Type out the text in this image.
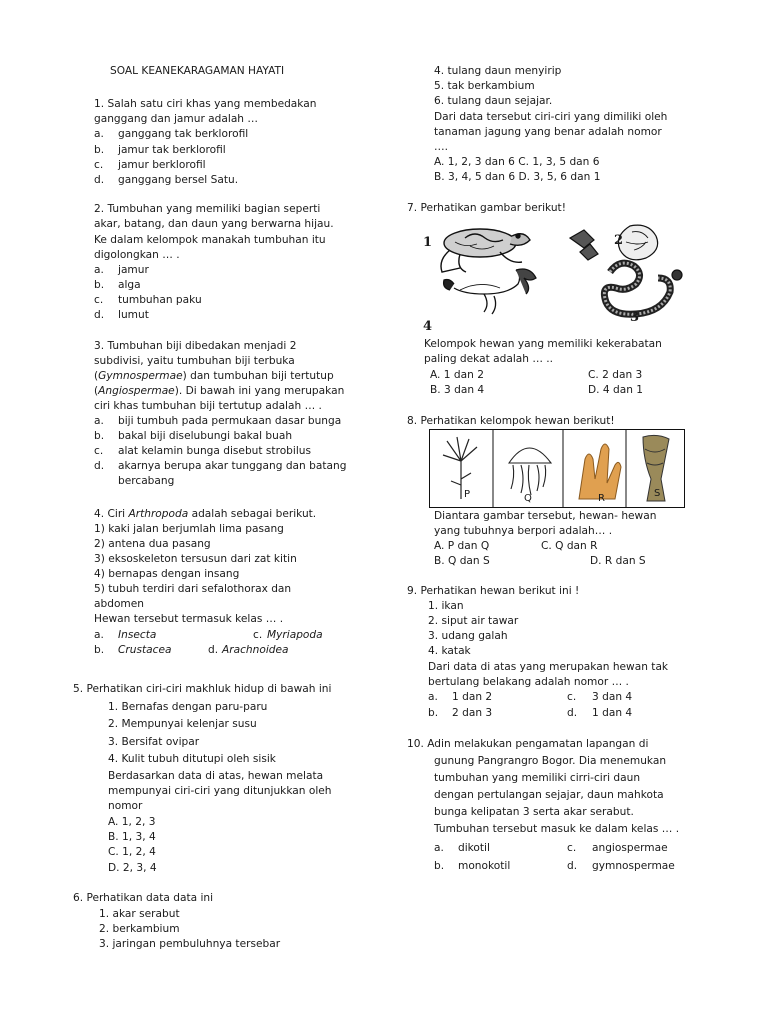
SOAL KEANEKARAGAMAN HAYATI
1. Salah satu ciri khas yang membedakan
ganggang dan jamur adalah …
a. ganggang tak berklorofil
b. jamur tak berklorofil
c. jamur berklorofil
d. ganggang bersel Satu.
2. Tumbuhan yang memiliki bagian seperti
akar, batang, dan daun yang berwarna hijau.
Ke dalam kelompok manakah tumbuhan itu
digolongkan … .
a. jamur
b. alga
c. tumbuhan paku
d. lumut
3. Tumbuhan biji dibedakan menjadi 2
subdivisi, yaitu tumbuhan biji terbuka
(Gymnospermae) dan tumbuhan biji tertutup
(Angiospermae). Di bawah ini yang merupakan
ciri khas tumbuhan biji tertutup adalah … .
a. biji tumbuh pada permukaan dasar bunga
b. bakal biji diselubungi bakal buah
c. alat kelamin bunga disebut strobilus
d. akarnya berupa akar tunggang dan batang
bercabang
4. Ciri Arthropoda adalah sebagai berikut.
1) kaki jalan berjumlah lima pasang
2) antena dua pasang
3) eksoskeleton tersusun dari zat kitin
4) bernapas dengan insang
5) tubuh terdiri dari sefalothorax dan
abdomen
Hewan tersebut termasuk kelas … .
a. Insecta	c. Myriapoda
b. Crustacea	d. Arachnoidea
5. Perhatikan ciri-ciri makhluk hidup di bawah ini
1. Bernafas dengan paru-paru
2. Mempunyai kelenjar susu
3. Bersifat ovipar
4. Kulit tubuh ditutupi oleh sisik
Berdasarkan data di atas, hewan melata
mempunyai ciri-ciri yang ditunjukkan oleh
nomor
A. 1, 2, 3
B. 1, 3, 4
C. 1, 2, 4
D. 2, 3, 4
6. Perhatikan data data ini
1. akar serabut
2. berkambium
3. jaringan pembuluhnya tersebar
4. tulang daun menyirip
5. tak berkambium
6. tulang daun sejajar.
Dari data tersebut ciri-ciri yang dimiliki oleh
tanaman jagung yang benar adalah nomor
….
A. 1, 2, 3 dan 6 C. 1, 3, 5 dan 6
B. 3, 4, 5 dan 6 D. 3, 5, 6 dan 1
7. Perhatikan gambar berikut!
1	2
3
4
Kelompok hewan yang memiliki kekerabatan
paling dekat adalah … ..
A. 1 dan 2	C. 2 dan 3
B. 3 dan 4	D. 4 dan 1
8. Perhatikan kelompok hewan berikut!
P	Q	R	S
Diantara gambar tersebut, hewan- hewan
yang tubuhnya berpori adalah… .
A. P dan Q	C. Q dan R
B. Q dan S	D. R dan S
9. Perhatikan hewan berikut ini !
1. ikan
2. siput air tawar
3. udang galah
4. katak
Dari data di atas yang merupakan hewan tak
bertulang belakang adalah nomor … .
a. 1 dan 2	c. 3 dan 4
b. 2 dan 3	d. 1 dan 4
10. Adin melakukan pengamatan lapangan di
gunung Pangrangro Bogor. Dia menemukan
tumbuhan yang memiliki cirri-ciri daun
dengan pertulangan sejajar, daun mahkota
bunga kelipatan 3 serta akar serabut.
Tumbuhan tersebut masuk ke dalam kelas … .
a. dikotil	c. angiospermae
b. monokotil	d. gymnospermae
